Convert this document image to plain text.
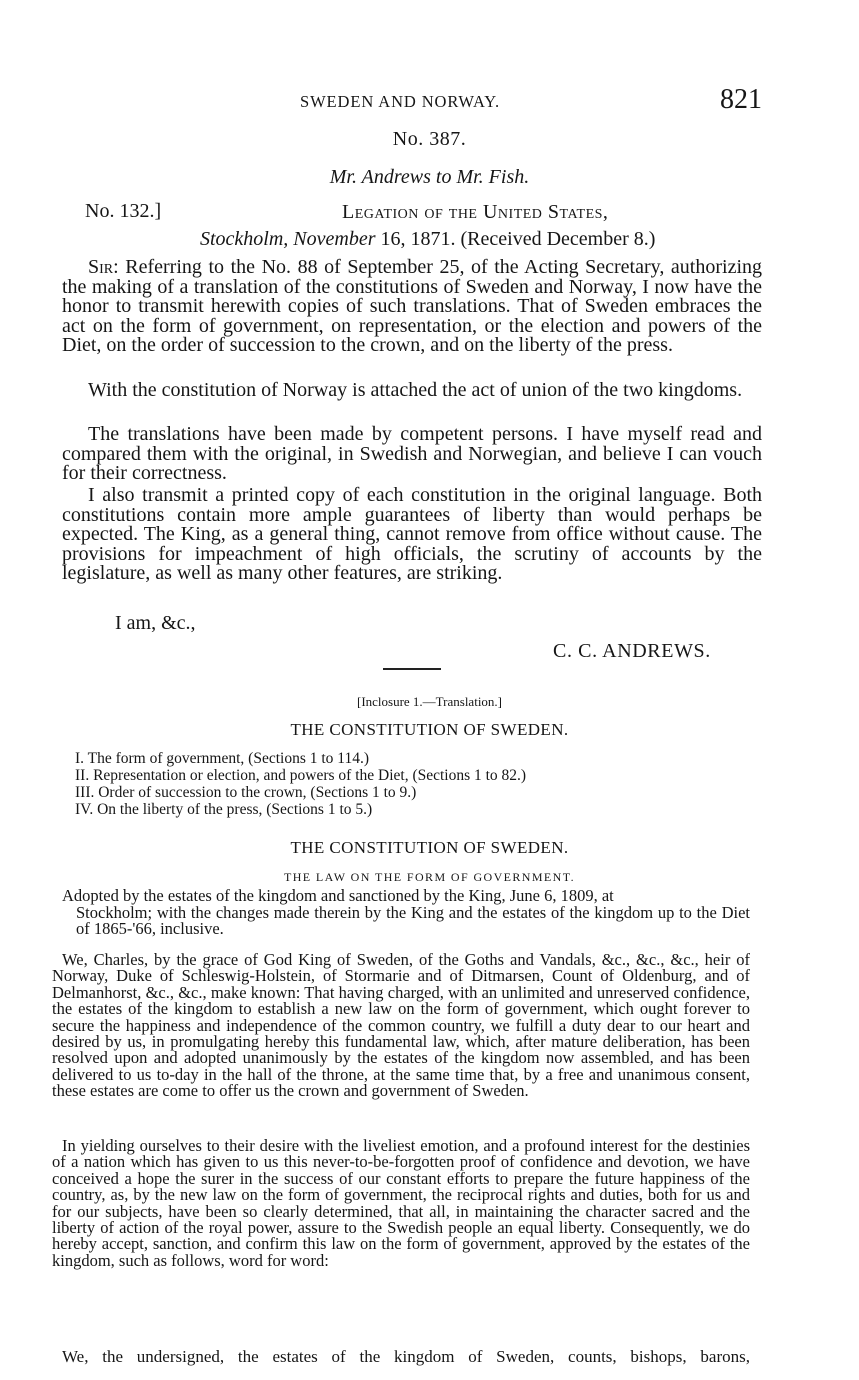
SWEDEN AND NORWAY.	821
No. 387.
Mr. Andrews to Mr. Fish.
No. 132.]	Legation of the United States,
Stockholm, November 16, 1871. (Received December 8.)
Sir: Referring to the No. 88 of September 25, of the Acting Secretary, authorizing the making of a translation of the constitutions of Sweden and Norway, I now have the honor to transmit herewith copies of such translations. That of Sweden embraces the act on the form of government, on representation, or the election and powers of the Diet, on the order of succession to the crown, and on the liberty of the press.
With the constitution of Norway is attached the act of union of the two kingdoms.
The translations have been made by competent persons. I have myself read and compared them with the original, in Swedish and Norwegian, and believe I can vouch for their correctness.
I also transmit a printed copy of each constitution in the original language. Both constitutions contain more ample guarantees of liberty than would perhaps be expected. The King, as a general thing, cannot remove from office without cause. The provisions for impeachment of high officials, the scrutiny of accounts by the legislature, as well as many other features, are striking.
I am, &c.,
C. C. ANDREWS.
[Inclosure 1.—Translation.]
THE CONSTITUTION OF SWEDEN.
I. The form of government, (Sections 1 to 114.)
II. Representation or election, and powers of the Diet, (Sections 1 to 82.)
III. Order of succession to the crown, (Sections 1 to 9.)
IV. On the liberty of the press, (Sections 1 to 5.)
THE CONSTITUTION OF SWEDEN.
THE LAW ON THE FORM OF GOVERNMENT.
Adopted by the estates of the kingdom and sanctioned by the King, June 6, 1809, at
Stockholm; with the changes made therein by the King and the estates of the kingdom up to the Diet of 1865-'66, inclusive.
We, Charles, by the grace of God King of Sweden, of the Goths and Vandals, &c., &c., &c., heir of Norway, Duke of Schleswig-Holstein, of Stormarie and of Ditmarsen, Count of Oldenburg, and of Delmanhorst, &c., &c., make known: That having charged, with an unlimited and unreserved confidence, the estates of the kingdom to establish a new law on the form of government, which ought forever to secure the happiness and independence of the common country, we fulfill a duty dear to our heart and desired by us, in promulgating hereby this fundamental law, which, after mature deliberation, has been resolved upon and adopted unanimously by the estates of the kingdom now assembled, and has been delivered to us to-day in the hall of the throne, at the same time that, by a free and unanimous consent, these estates are come to offer us the crown and government of Sweden.
In yielding ourselves to their desire with the liveliest emotion, and a profound interest for the destinies of a nation which has given to us this never-to-be-forgotten proof of confidence and devotion, we have conceived a hope the surer in the success of our constant efforts to prepare the future happiness of the country, as, by the new law on the form of government, the reciprocal rights and duties, both for us and for our subjects, have been so clearly determined, that all, in maintaining the character sacred and the liberty of action of the royal power, assure to the Swedish people an equal liberty. Consequently, we do hereby accept, sanction, and confirm this law on the form of government, approved by the estates of the kingdom, such as follows, word for word:
We, the undersigned, the estates of the kingdom of Sweden, counts, bishops, barons,
